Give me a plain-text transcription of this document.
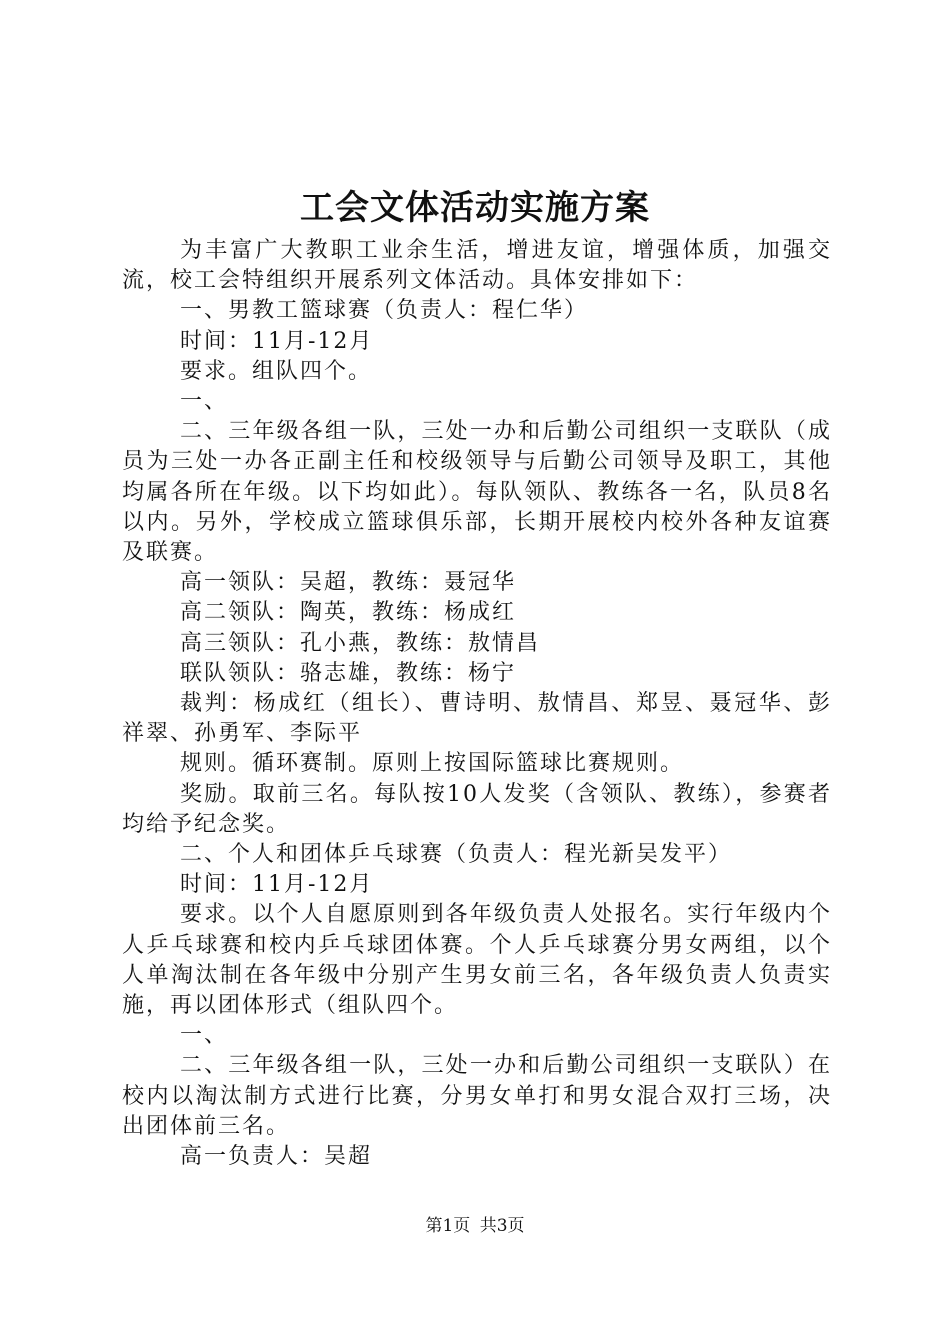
工会文体活动实施方案

为丰富广大教职工业余生活，增进友谊，增强体质，加强交流，校工会特组织开展系列文体活动。具体安排如下：

一、男教工篮球赛（负责人：程仁华）

时间：11月-12月

要求。组队四个。

一、

二、三年级各组一队，三处一办和后勤公司组织一支联队（成员为三处一办各正副主任和校级领导与后勤公司领导及职工，其他均属各所在年级。以下均如此）。每队领队、教练各一名，队员8名以内。另外，学校成立篮球俱乐部，长期开展校内校外各种友谊赛及联赛。

高一领队：吴超，教练：聂冠华

高二领队：陶英，教练：杨成红

高三领队：孔小燕，教练：敖情昌

联队领队：骆志雄，教练：杨宁

裁判：杨成红（组长）、曹诗明、敖情昌、郑昱、聂冠华、彭祥翠、孙勇军、李际平

规则。循环赛制。原则上按国际篮球比赛规则。

奖励。取前三名。每队按10人发奖（含领队、教练），参赛者均给予纪念奖。

二、个人和团体乒乓球赛（负责人：程光新吴发平）

时间：11月-12月

要求。以个人自愿原则到各年级负责人处报名。实行年级内个人乒乓球赛和校内乒乓球团体赛。个人乒乓球赛分男女两组，以个人单淘汰制在各年级中分别产生男女前三名，各年级负责人负责实施，再以团体形式（组队四个。

一、

二、三年级各组一队，三处一办和后勤公司组织一支联队）在校内以淘汰制方式进行比赛，分男女单打和男女混合双打三场，决出团体前三名。

高一负责人：吴超

第1页 共3页
